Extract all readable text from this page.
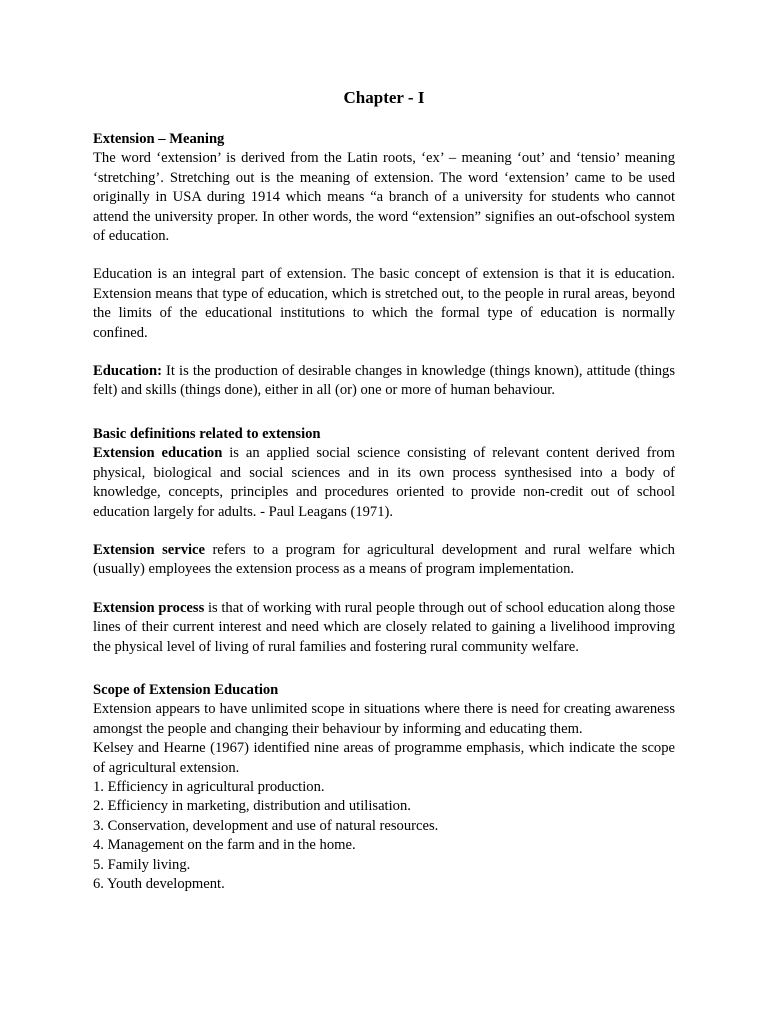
Chapter - I
Extension – Meaning

The word ‘extension’ is derived from the Latin roots, ‘ex’ – meaning ‘out’ and ‘tensio’ meaning ‘stretching’. Stretching out is the meaning of extension. The word ‘extension’ came to be used originally in USA during 1914 which means “a branch of a university for students who cannot attend the university proper. In other words, the word “extension” signifies an out-ofschool system of education.

Education is an integral part of extension. The basic concept of extension is that it is education. Extension means that type of education, which is stretched out, to the people in rural areas, beyond the limits of the educational institutions to which the formal type of education is normally confined.

Education: It is the production of desirable changes in knowledge (things known), attitude (things felt) and skills (things done), either in all (or) one or more of human behaviour.

Basic definitions related to extension

Extension education is an applied social science consisting of relevant content derived from physical, biological and social sciences and in its own process synthesised into a body of knowledge, concepts, principles and procedures oriented to provide non-credit out of school education largely for adults. - Paul Leagans (1971).

Extension service refers to a program for agricultural development and rural welfare which (usually) employees the extension process as a means of program implementation.

Extension process is that of working with rural people through out of school education along those lines of their current interest and need which are closely related to gaining a livelihood improving the physical level of living of rural families and fostering rural community welfare.

Scope of Extension Education

Extension appears to have unlimited scope in situations where there is need for creating awareness amongst the people and changing their behaviour by informing and educating them.

Kelsey and Hearne (1967) identified nine areas of programme emphasis, which indicate the scope of agricultural extension.

1. Efficiency in agricultural production.
2. Efficiency in marketing, distribution and utilisation.
3. Conservation, development and use of natural resources.
4. Management on the farm and in the home.
5. Family living.
6. Youth development.
